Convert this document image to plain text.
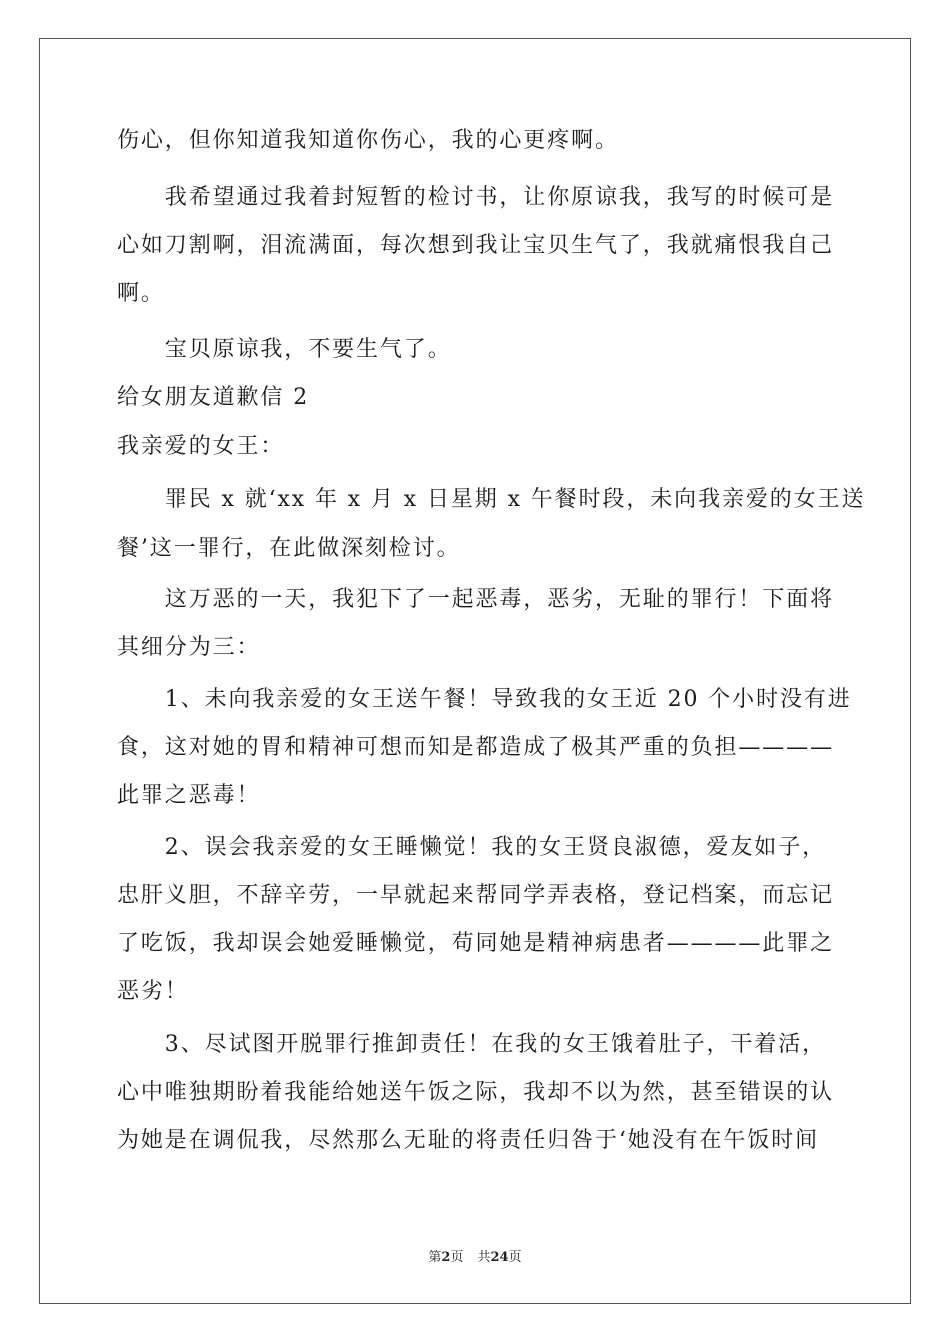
伤心，但你知道我知道你伤心，我的心更疼啊。
　　我希望通过我着封短暂的检讨书，让你原谅我，我写的时候可是
心如刀割啊，泪流满面，每次想到我让宝贝生气了，我就痛恨我自己
啊。
　　宝贝原谅我，不要生气了。
给女朋友道歉信 2
我亲爱的女王：
　　罪民 x 就‘xx 年 x 月 x 日星期 x 午餐时段，未向我亲爱的女王送
餐’这一罪行，在此做深刻检讨。
　　这万恶的一天，我犯下了一起恶毒，恶劣，无耻的罪行！下面将
其细分为三：
　　1、未向我亲爱的女王送午餐！导致我的女王近 20 个小时没有进
食，这对她的胃和精神可想而知是都造成了极其严重的负担————
此罪之恶毒！
　　2、误会我亲爱的女王睡懒觉！我的女王贤良淑德，爱友如子，
忠肝义胆，不辞辛劳，一早就起来帮同学弄表格，登记档案，而忘记
了吃饭，我却误会她爱睡懒觉，苟同她是精神病患者————此罪之
恶劣！
　　3、尽试图开脱罪行推卸责任！在我的女王饿着肚子，干着活，
心中唯独期盼着我能给她送午饭之际，我却不以为然，甚至错误的认
为她是在调侃我，尽然那么无耻的将责任归咎于‘她没有在午饭时间
第2页 共24页
